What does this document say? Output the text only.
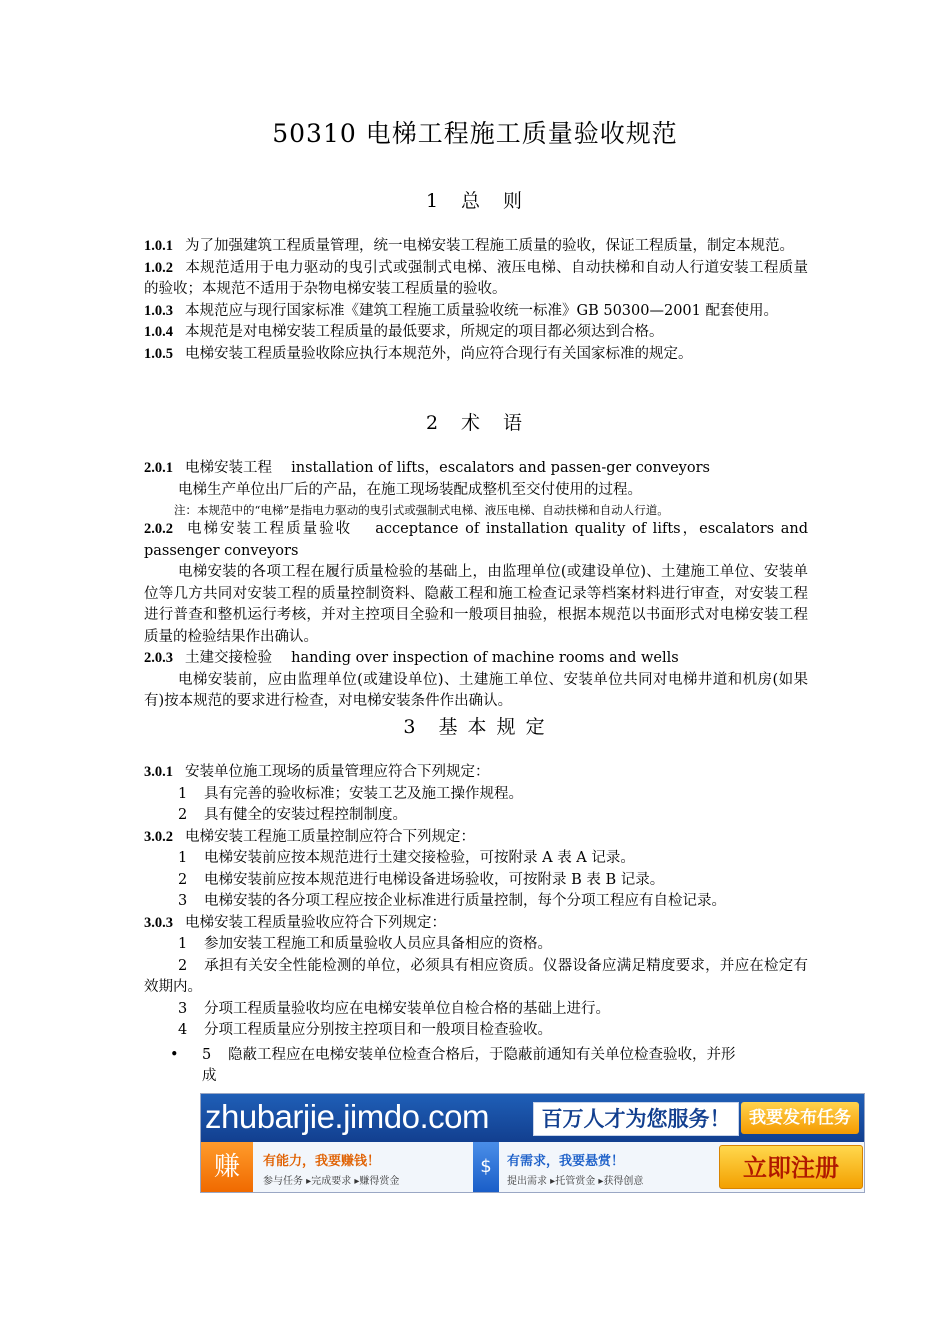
50310 电梯工程施工质量验收规范
1　总　则

1.0.1 为了加强建筑工程质量管理，统一电梯安装工程施工质量的验收，保证工程质量，制定本规范。

1.0.2 本规范适用于电力驱动的曳引式或强制式电梯、液压电梯、自动扶梯和自动人行道安装工程质量的验收；本规范不适用于杂物电梯安装工程质量的验收。

1.0.3 本规范应与现行国家标准《建筑工程施工质量验收统一标准》GB 50300—2001 配套使用。

1.0.4 本规范是对电梯安装工程质量的最低要求，所规定的项目都必须达到合格。

1.0.5 电梯安装工程质量验收除应执行本规范外，尚应符合现行有关国家标准的规定。

2　术　语

2.0.1 电梯安装工程　 installation of lifts，escalators and passen-ger conveyors

电梯生产单位出厂后的产品，在施工现场装配成整机至交付使用的过程。

注：本规范中的“电梯”是指电力驱动的曳引式或强制式电梯、液压电梯、自动扶梯和自动人行道。

2.0.2 电梯安装工程质量验收　 acceptance of installation quality of lifts，escalators and passenger conveyors

电梯安装的各项工程在履行质量检验的基础上，由监理单位(或建设单位)、土建施工单位、安装单位等几方共同对安装工程的质量控制资料、隐蔽工程和施工检查记录等档案材料进行审查，对安装工程进行普查和整机运行考核，并对主控项目全验和一般项目抽验，根据本规范以书面形式对电梯安装工程质量的检验结果作出确认。

2.0.3 土建交接检验　 handing over inspection of machine rooms and wells

电梯安装前，应由监理单位(或建设单位)、土建施工单位、安装单位共同对电梯井道和机房(如果有)按本规范的要求进行检查，对电梯安装条件作出确认。

3　基 本 规 定

3.0.1 安装单位施工现场的质量管理应符合下列规定：

1 具有完善的验收标准；安装工艺及施工操作规程。

2 具有健全的安装过程控制制度。

3.0.2 电梯安装工程施工质量控制应符合下列规定：

1 电梯安装前应按本规范进行土建交接检验，可按附录 A 表 A 记录。

2 电梯安装前应按本规范进行电梯设备进场验收，可按附录 B 表 B 记录。

3 电梯安装的各分项工程应按企业标准进行质量控制，每个分项工程应有自检记录。

3.0.3 电梯安装工程质量验收应符合下列规定：

1 参加安装工程施工和质量验收人员应具备相应的资格。

2 承担有关安全性能检测的单位，必须具有相应资质。仪器设备应满足精度要求，并应在检定有效期内。

3 分项工程质量验收均应在电梯安装单位自检合格的基础上进行。

4 分项工程质量应分别按主控项目和一般项目检查验收。

• 5 隐蔽工程应在电梯安装单位检查合格后，于隐蔽前通知有关单位检查验收，并形

成

zhubarjie.jimdo.com	百万人才为您服务！	我要发布任务
赚	有能力，我要赚钱！
参与任务 ▸完成要求 ▸赚得赏金
$	有需求，我要悬赏！
提出需求 ▸托管赏金 ▸获得创意	立即注册
